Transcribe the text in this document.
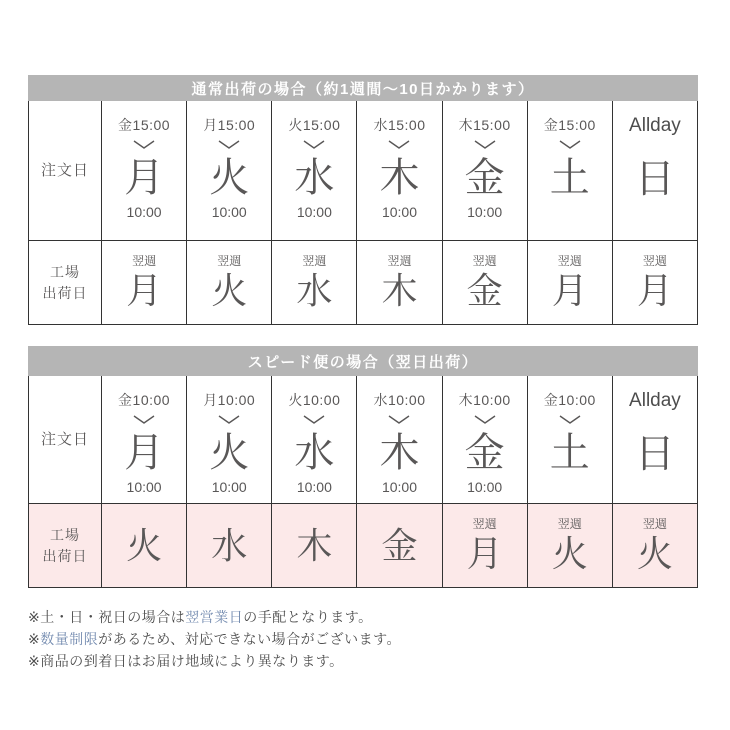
通常出荷の場合（約1週間〜10日かかります）
注文日
金15:00
月
10:00
月15:00
火
10:00
火15:00
水
10:00
水15:00
木
10:00
木15:00
金
10:00
金15:00
土
Allday
日
工場
出荷日
翌週
月
翌週
火
翌週
水
翌週
木
翌週
金
翌週
月
翌週
月
スピード便の場合（翌日出荷）
注文日
金10:00
月
10:00
月10:00
火
10:00
火10:00
水
10:00
水10:00
木
10:00
木10:00
金
10:00
金10:00
土
Allday
日
工場
出荷日 火 水 木 金
翌週
月
翌週
火
翌週
火
※土・日・祝日の場合は翌営業日の手配となります。
※数量制限があるため、対応できない場合がございます。
※商品の到着日はお届け地域により異なります。
